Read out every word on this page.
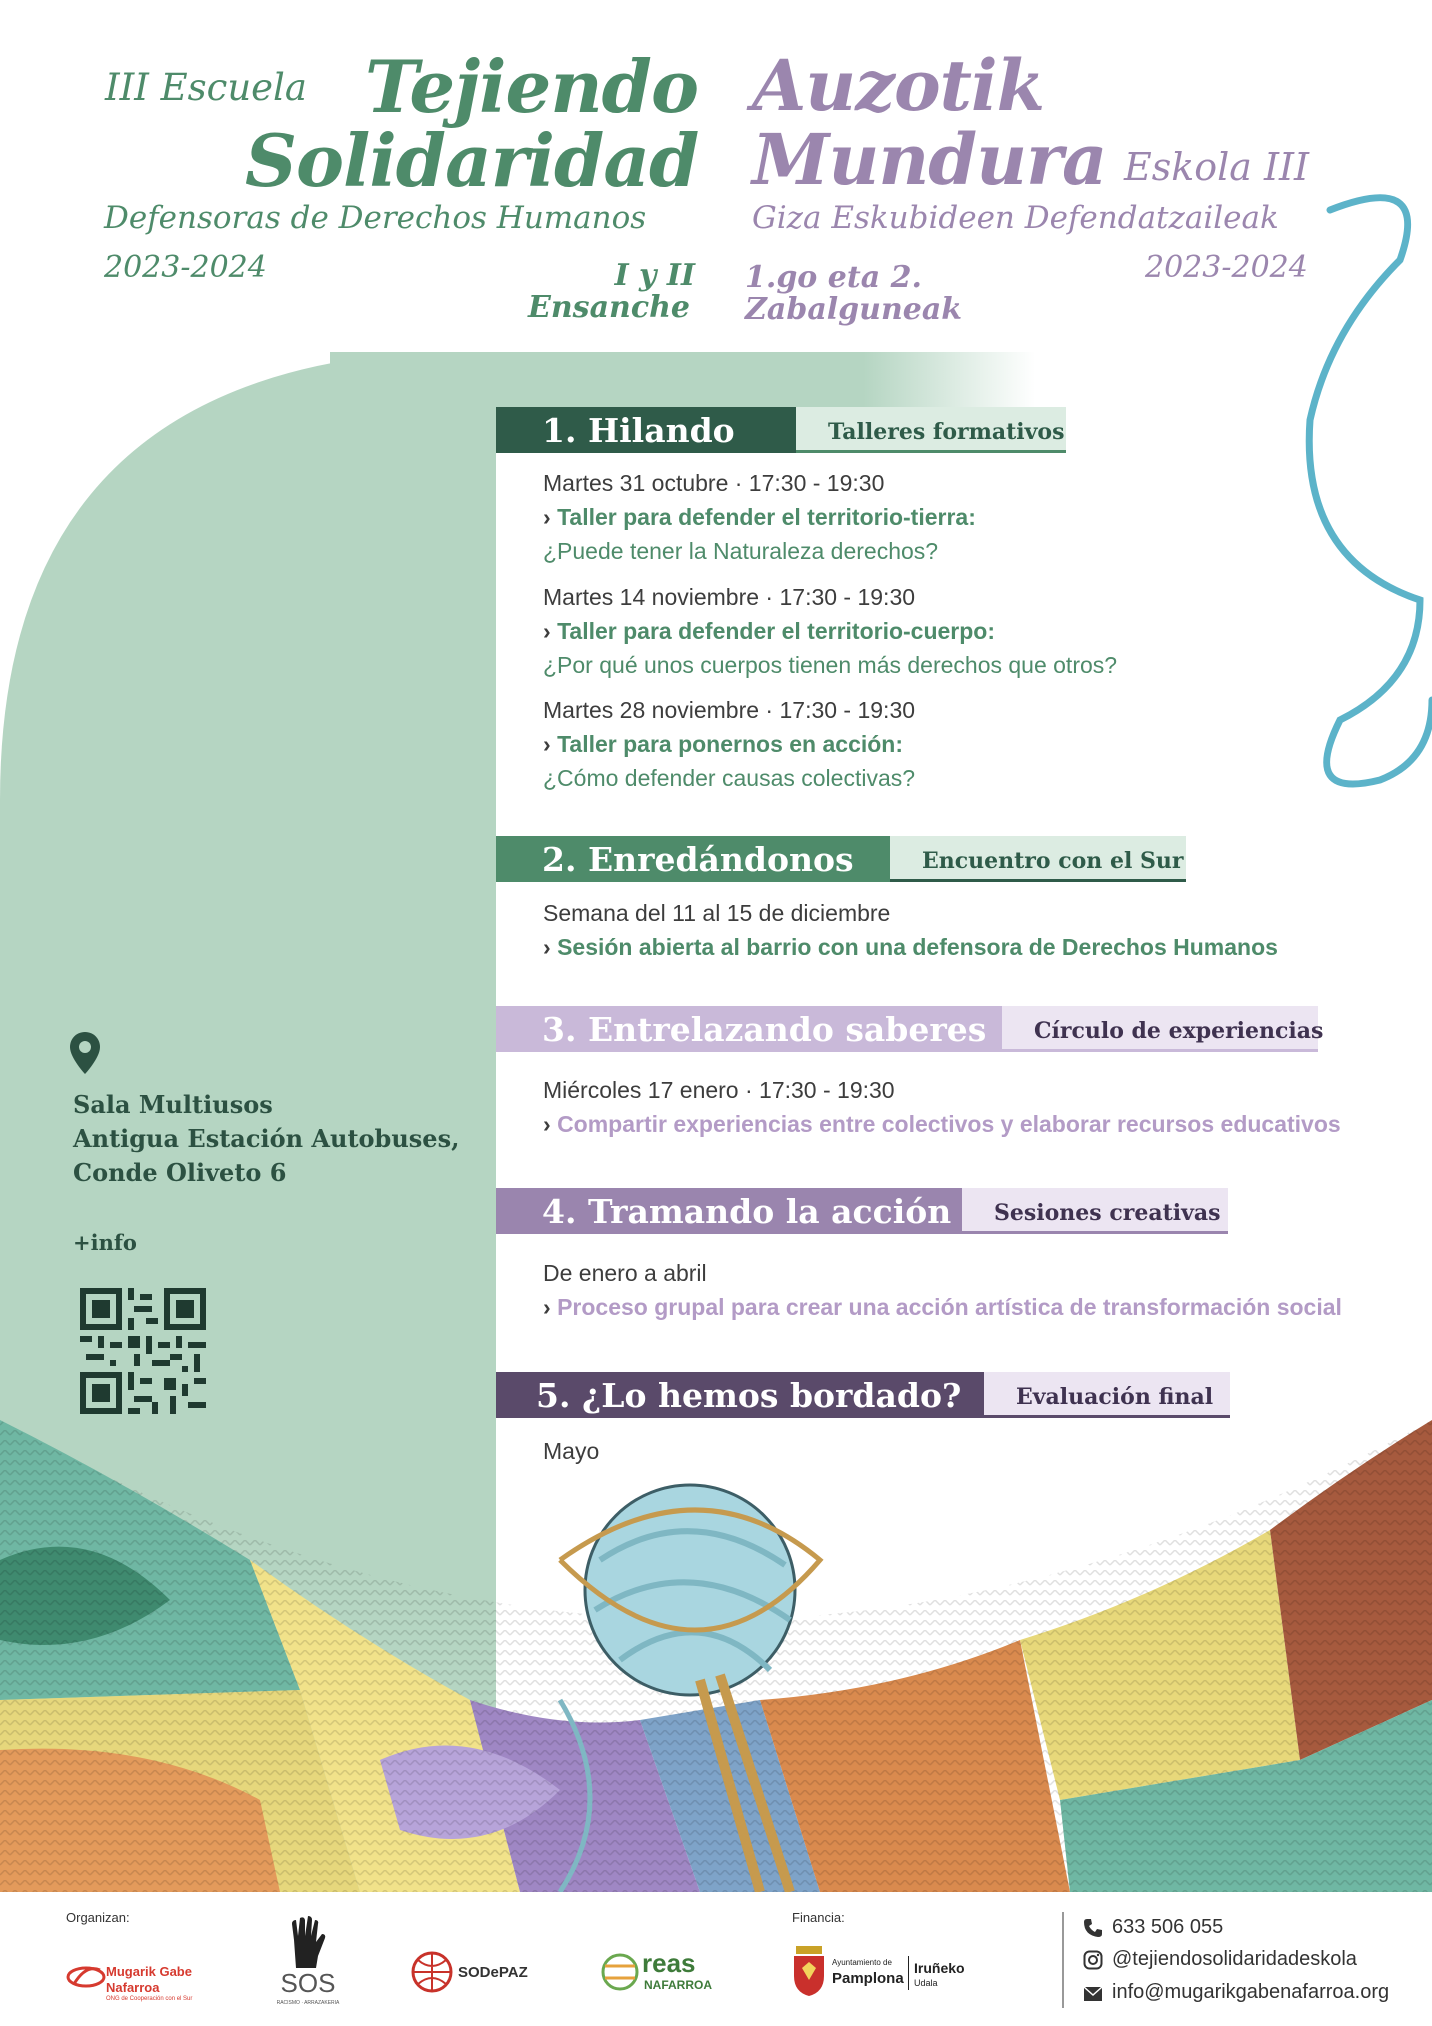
III Escuela Tejiendo
Solidaridad
Defensoras de Derechos Humanos
2023-2024	I y II
Ensanche
Auzotik
Mundura Eskola III
Giza Eskubideen Defendatzaileak
2023-2024
1.go eta 2.
Zabalguneak
1. Hilando	Talleres formativos
Martes 31 octubre · 17:30 - 19:30
› Taller para defender el territorio-tierra:
¿Puede tener la Naturaleza derechos?
Martes 14 noviembre · 17:30 - 19:30
› Taller para defender el territorio-cuerpo:
¿Por qué unos cuerpos tienen más derechos que otros?
Martes 28 noviembre · 17:30 - 19:30
› Taller para ponernos en acción:
¿Cómo defender causas colectivas?
2. Enredándonos	Encuentro con el Sur
Semana del 11 al 15 de diciembre
› Sesión abierta al barrio con una defensora de Derechos Humanos
3. Entrelazando saberes	Círculo de experiencias
Miércoles 17 enero · 17:30 - 19:30
› Compartir experiencias entre colectivos y elaborar recursos educativos
4. Tramando la acción	Sesiones creativas
De enero a abril
› Proceso grupal para crear una acción artística de transformación social
5. ¿Lo hemos bordado?	Evaluación final
Mayo
Sala Multiusos
Antigua Estación Autobuses,
Conde Oliveto 6
+info
Organizan:	Financia:
Mugarik Gabe
Nafarroa
ONG de Cooperación con el Sur
SOS
RACISMO · ARRAZAKERIA
SODePAZ	reas
NAFARROA
Ayuntamiento de
Pamplona
Iruñeko
Udala
633 506 055
@tejiendosolidaridadeskola
info@mugarikgabenafarroa.org
